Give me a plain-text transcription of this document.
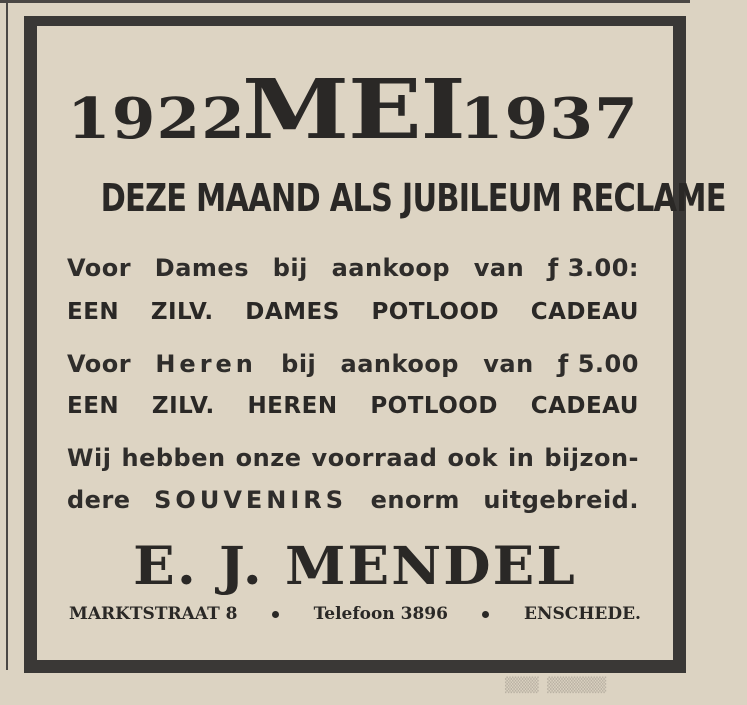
1922
MEI
1937
DEZE MAAND ALS JUBILEUM RECLAME
Voor Dames bij aankoop van ƒ 3.00:
EEN ZILV. DAMES POTLOOD CADEAU
Voor Heren bij aankoop van ƒ 5.00
EEN ZILV. HEREN POTLOOD CADEAU
Wij hebben onze voorraad ook in bijzon-
dere SOUVENIRS enorm uitgebreid.
E. J. MENDEL
MARKTSTRAAT 8	Telefoon 3896	ENSCHEDE.
▒▒▒▒ ▒▒▒▒▒▒▒
